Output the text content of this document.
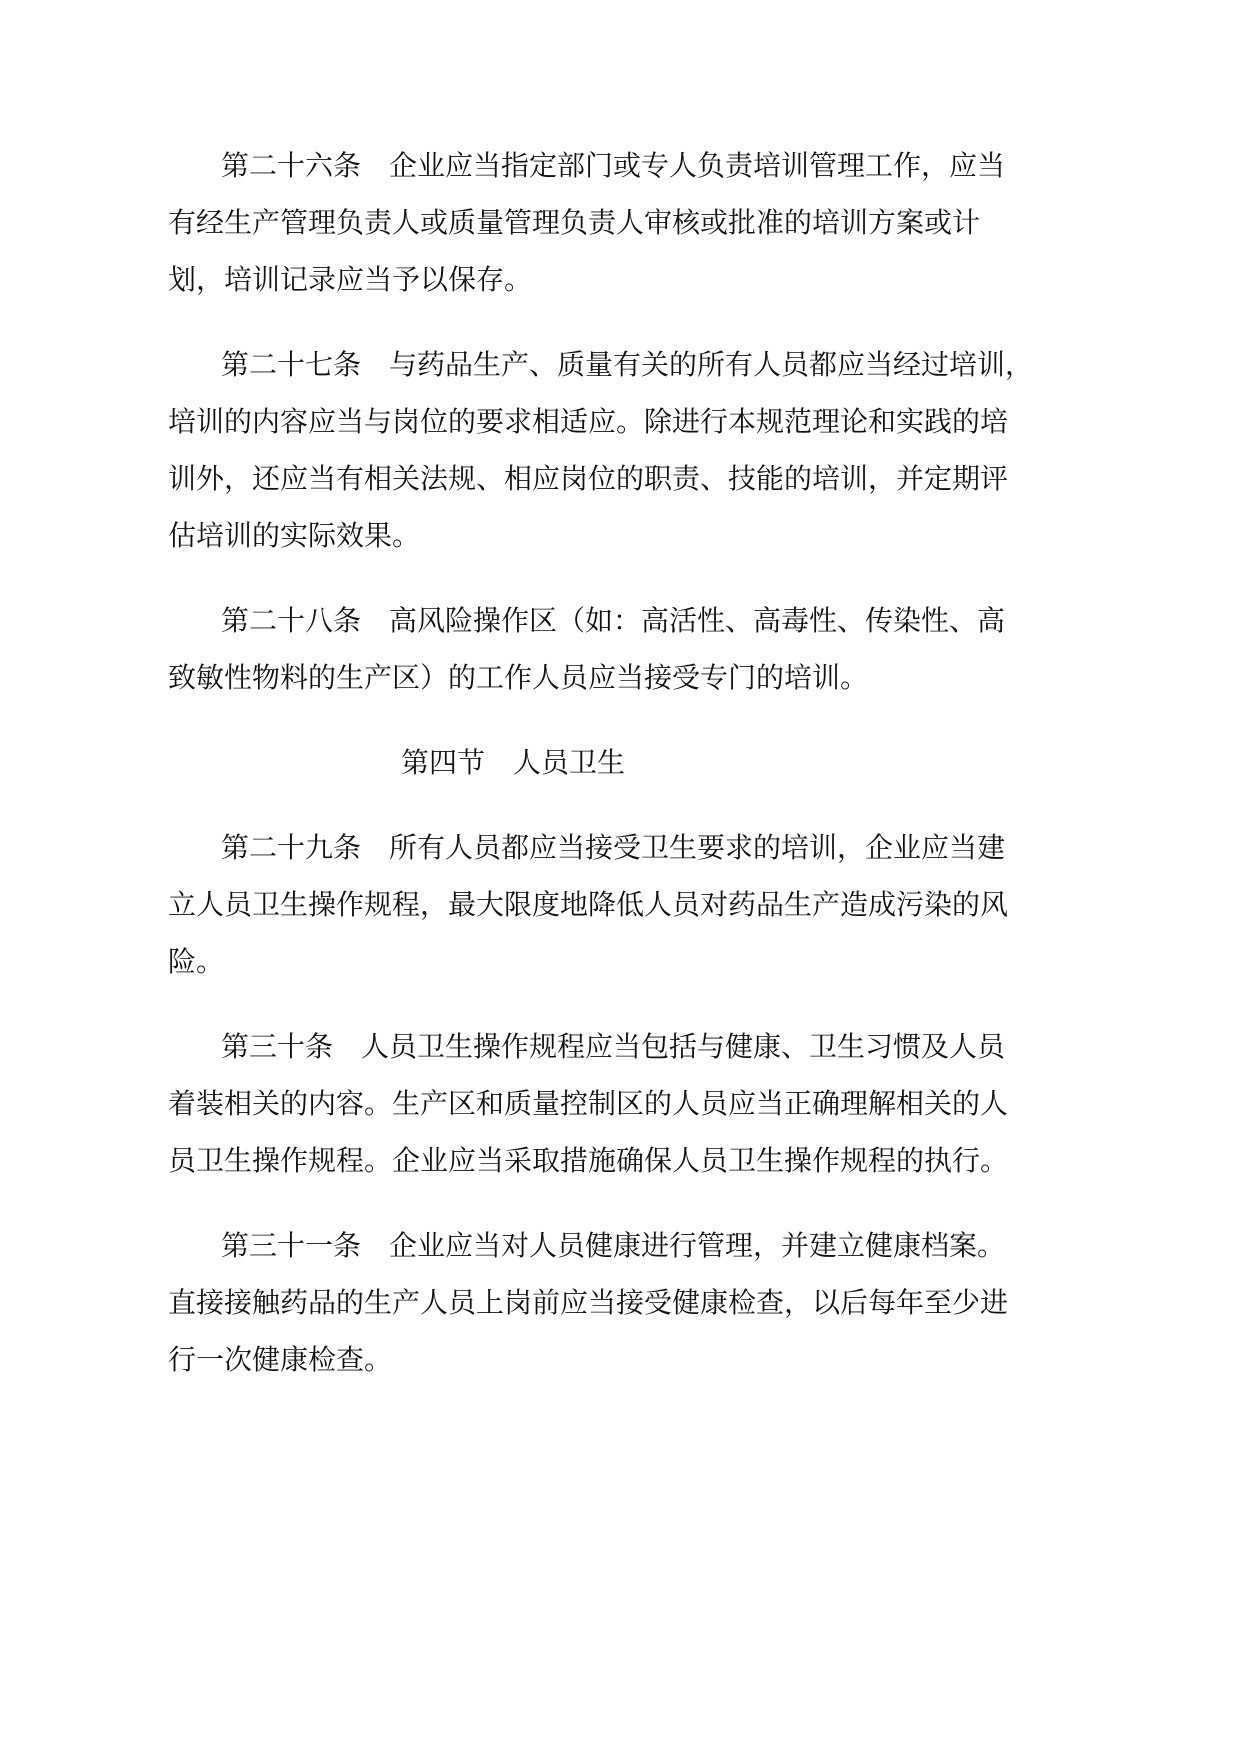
第二十六条　企业应当指定部门或专人负责培训管理工作，应当
有经生产管理负责人或质量管理负责人审核或批准的培训方案或计
划，培训记录应当予以保存。
第二十七条　与药品生产、质量有关的所有人员都应当经过培训，
培训的内容应当与岗位的要求相适应。除进行本规范理论和实践的培
训外，还应当有相关法规、相应岗位的职责、技能的培训，并定期评
估培训的实际效果。
第二十八条　高风险操作区（如：高活性、高毒性、传染性、高
致敏性物料的生产区）的工作人员应当接受专门的培训。
第四节　人员卫生
第二十九条　所有人员都应当接受卫生要求的培训，企业应当建
立人员卫生操作规程，最大限度地降低人员对药品生产造成污染的风
险。
第三十条　人员卫生操作规程应当包括与健康、卫生习惯及人员
着装相关的内容。生产区和质量控制区的人员应当正确理解相关的人
员卫生操作规程。企业应当采取措施确保人员卫生操作规程的执行。
第三十一条　企业应当对人员健康进行管理，并建立健康档案。
直接接触药品的生产人员上岗前应当接受健康检查，以后每年至少进
行一次健康检查。
